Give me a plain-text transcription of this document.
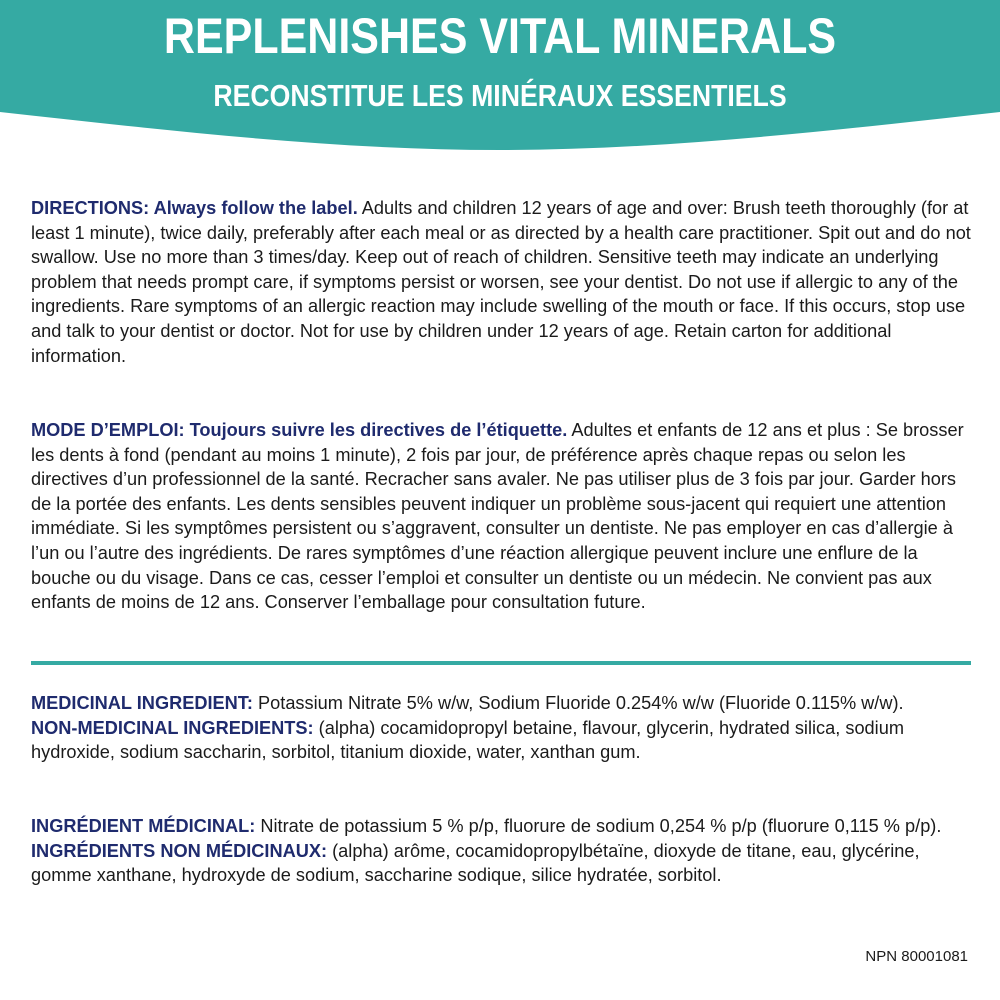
REPLENISHES VITAL MINERALS
RECONSTITUE LES MINÉRAUX ESSENTIELS

DIRECTIONS: Always follow the label. Adults and children 12 years of age and over: Brush teeth thoroughly (for at least 1 minute), twice daily, preferably after each meal or as directed by a health care practitioner. Spit out and do not swallow. Use no more than 3 times/day. Keep out of reach of children. Sensitive teeth may indicate an underlying problem that needs prompt care, if symptoms persist or worsen, see your dentist. Do not use if allergic to any of the ingredients. Rare symptoms of an allergic reaction may include swelling of the mouth or face. If this occurs, stop use and talk to your dentist or doctor. Not for use by children under 12 years of age. Retain carton for additional information.

MODE D’EMPLOI: Toujours suivre les directives de l’étiquette. Adultes et enfants de 12 ans et plus : Se brosser les dents à fond (pendant au moins 1 minute), 2 fois par jour, de préférence après chaque repas ou selon les directives d’un professionnel de la santé. Recracher sans avaler. Ne pas utiliser plus de 3 fois par jour. Garder hors de la portée des enfants. Les dents sensibles peuvent indiquer un problème sous-jacent qui requiert une attention immédiate. Si les symptômes persistent ou s’aggravent, consulter un dentiste. Ne pas employer en cas d’allergie à l’un ou l’autre des ingrédients. De rares symptômes d’une réaction allergique peuvent inclure une enflure de la bouche ou du visage. Dans ce cas, cesser l’emploi et consulter un dentiste ou un médecin. Ne convient pas aux enfants de moins de 12 ans. Conserver l’emballage pour consultation future.

MEDICINAL INGREDIENT: Potassium Nitrate 5% w/w, Sodium Fluoride 0.254% w/w (Fluoride 0.115% w/w).

NON-MEDICINAL INGREDIENTS: (alpha) cocamidopropyl betaine, flavour, glycerin, hydrated silica, sodium hydroxide, sodium saccharin, sorbitol, titanium dioxide, water, xanthan gum.

INGRÉDIENT MÉDICINAL: Nitrate de potassium 5 % p/p, fluorure de sodium 0,254 % p/p (fluorure 0,115 % p/p).

INGRÉDIENTS NON MÉDICINAUX: (alpha) arôme, cocamidopropylbétaïne, dioxyde de titane, eau, glycérine, gomme xanthane, hydroxyde de sodium, saccharine sodique, silice hydratée, sorbitol.

NPN 80001081
